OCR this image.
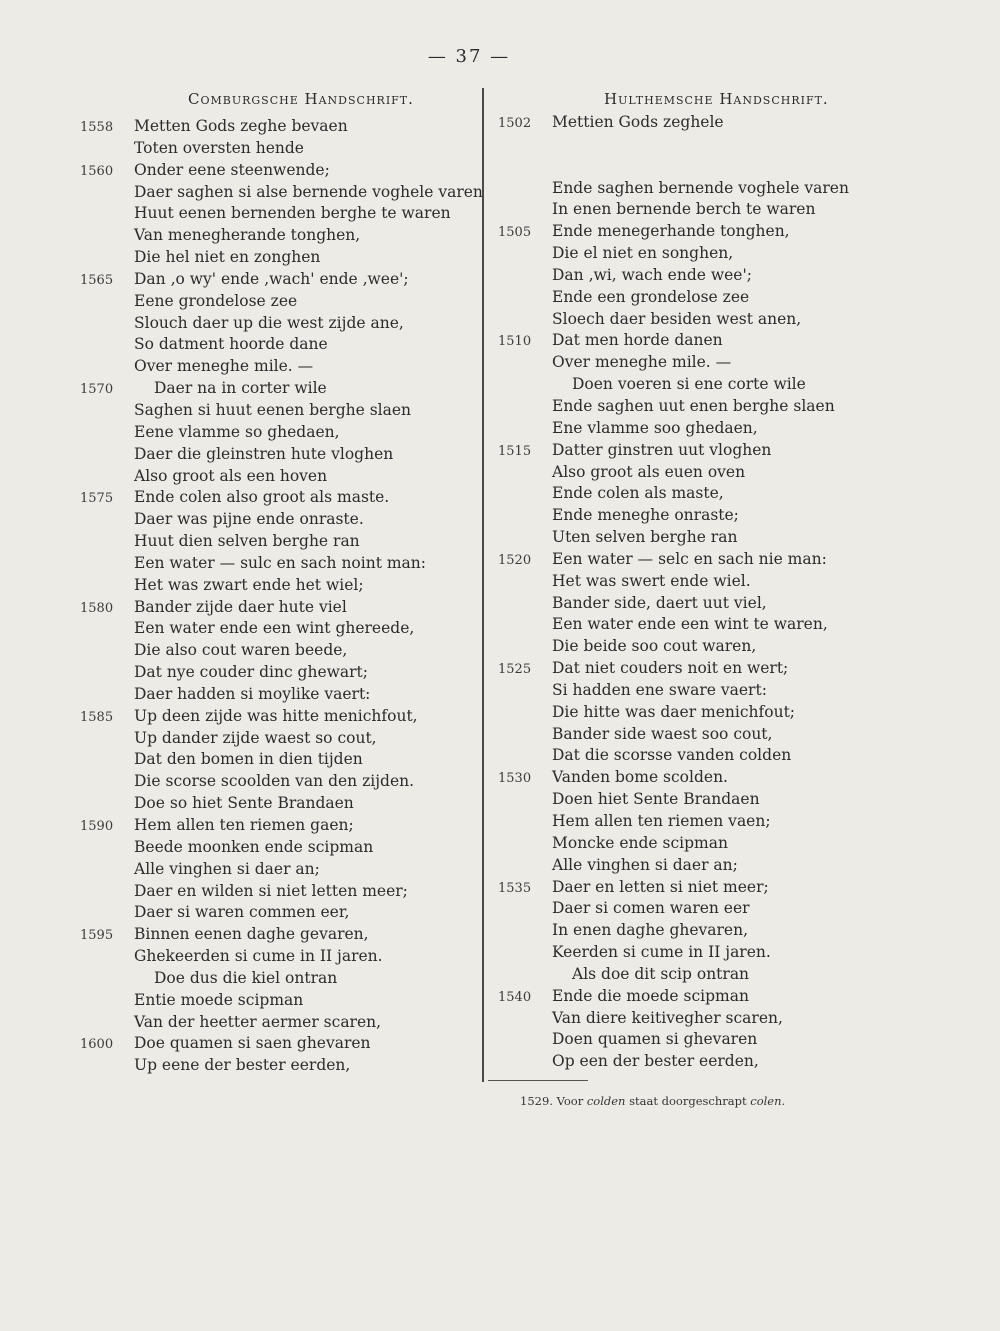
— 37 —
Comburgsche Handschrift.	Hulthemsche Handschrift.
1558 Metten Gods zeghe bevaen
Toten oversten hende
1560 Onder eene steenwende;
Daer saghen si alse bernende voghele varen
Huut eenen bernenden berghe te waren
Van menegherande tonghen,
Die hel niet en zonghen
1565 Dan ‚o wy' ende ‚wach' ende ‚wee';
Eene grondelose zee
Slouch daer up die west zijde ane,
So datment hoorde dane
Over meneghe mile. —
1570	Daer na in corter wile
Saghen si huut eenen berghe slaen
Eene vlamme so ghedaen,
Daer die gleinstren hute vloghen
Also groot als een hoven
1575 Ende colen also groot als maste.
Daer was pijne ende onraste.
Huut dien selven berghe ran
Een water — sulc en sach noint man:
Het was zwart ende het wiel;
1580 Bander zijde daer hute viel
Een water ende een wint ghereede,
Die also cout waren beede,
Dat nye couder dinc ghewart;
Daer hadden si moylike vaert:
1585 Up deen zijde was hitte menichfout,
Up dander zijde waest so cout,
Dat den bomen in dien tijden
Die scorse scoolden van den zijden.
Doe so hiet Sente Brandaen
1590 Hem allen ten riemen gaen;
Beede moonken ende scipman
Alle vinghen si daer an;
Daer en wilden si niet letten meer;
Daer si waren commen eer,
1595 Binnen eenen daghe gevaren,
Ghekeerden si cume in II jaren.
Doe dus die kiel ontran
Entie moede scipman
Van der heetter aermer scaren,
1600 Doe quamen si saen ghevaren
Up eene der bester eerden,
1502 Mettien Gods zeghele
Ende saghen bernende voghele varen
In enen bernende berch te waren
1505 Ende menegerhande tonghen,
Die el niet en songhen,
Dan ‚wi, wach ende wee';
Ende een grondelose zee
Sloech daer besiden west anen,
1510 Dat men horde danen
Over meneghe mile. —
Doen voeren si ene corte wile
Ende saghen uut enen berghe slaen
Ene vlamme soo ghedaen,
1515 Datter ginstren uut vloghen
Also groot als euen oven
Ende colen als maste,
Ende meneghe onraste;
Uten selven berghe ran
1520 Een water — selc en sach nie man:
Het was swert ende wiel.
Bander side, daert uut viel,
Een water ende een wint te waren,
Die beide soo cout waren,
1525 Dat niet couders noit en wert;
Si hadden ene sware vaert:
Die hitte was daer menichfout;
Bander side waest soo cout,
Dat die scorsse vanden colden
1530 Vanden bome scolden.
Doen hiet Sente Brandaen
Hem allen ten riemen vaen;
Moncke ende scipman
Alle vinghen si daer an;
1535 Daer en letten si niet meer;
Daer si comen waren eer
In enen daghe ghevaren,
Keerden si cume in II jaren.
Als doe dit scip ontran
1540 Ende die moede scipman
Van diere keitivegher scaren,
Doen quamen si ghevaren
Op een der bester eerden,
1529. Voor colden staat doorgeschrapt colen.
